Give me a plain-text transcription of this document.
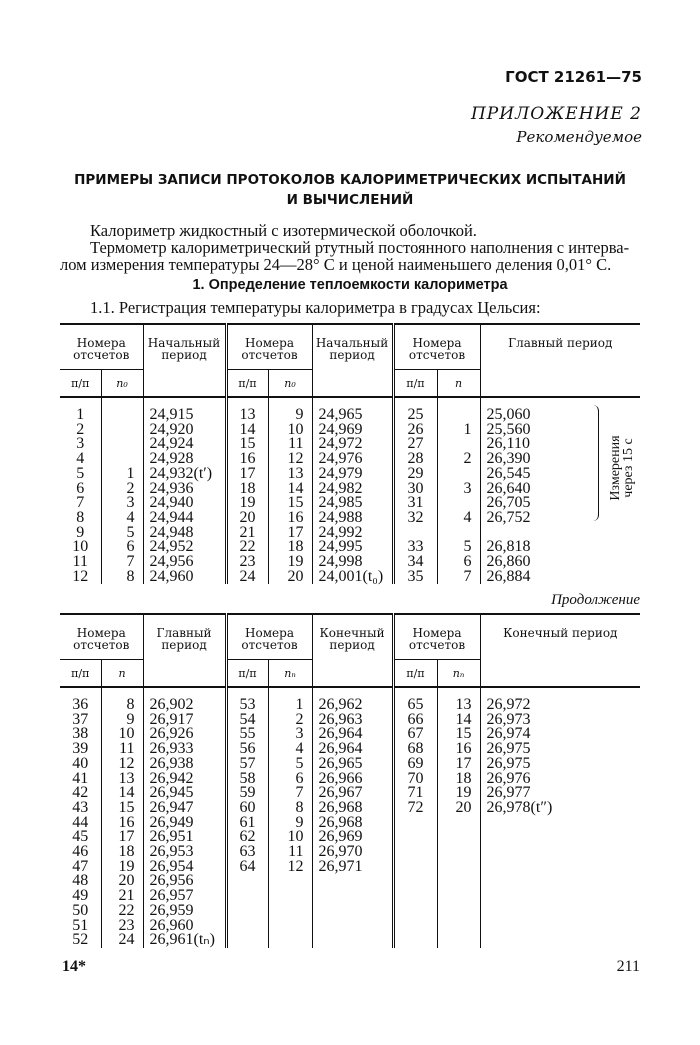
ГОСТ 21261—75
ПРИЛОЖЕНИЕ 2
Рекомендуемое
ПРИМЕРЫ ЗАПИСИ ПРОТОКОЛОВ КАЛОРИМЕТРИЧЕСКИХ ИСПЫТАНИЙ
И ВЫЧИСЛЕНИЙ
Калориметр жидкостный с изотермической оболочкой.
Термометр калориметрический ртутный постоянного наполнения с интерва-
лом измерения температуры 24—28° С и ценой наименьшего деления 0,01° С.
1. Определение теплоемкости калориметра
1.1. Регистрация температуры калориметра в градусах Цельсия:
Номера отсчетов		Начальный период	Номера отсчетов		Начальный период	Номера отсчетов		Главный период
п/п	n₀		п/п	n₀		п/п	n	

1		24,915	13	9	24,965	25		25,060
2		24,920	14	10	24,969	26	1	25,560
3		24,924	15	11	24,972	27		26,110
4		24,928	16	12	24,976	28	2	26,390
5	1	24,932(t′)	17	13	24,979	29		26,545
6	2	24,936	18	14	24,982	30	3	26,640
7	3	24,940	19	15	24,985	31		26,705
8	4	24,944	20	16	24,988	32	4	26,752
9	5	24,948	21	17	24,992			
10	6	24,952	22	18	24,995	33	5	26,818
11	7	24,956	23	19	24,998	34	6	26,860
12	8	24,960	24	20	24,001(t₀)	35	7	26,884
Измерения через 15 с
Продолжение
Номера отсчетов		Главный период	Номера отсчетов		Конечный период	Номера отсчетов		Конечный период
п/п	n		п/п	nₙ		п/п	nₙ	

36	8	26,902	53	1	26,962	65	13	26,972
37	9	26,917	54	2	26,963	66	14	26,973
38	10	26,926	55	3	26,964	67	15	26,974
39	11	26,933	56	4	26,964	68	16	26,975
40	12	26,938	57	5	26,965	69	17	26,975
41	13	26,942	58	6	26,966	70	18	26,976
42	14	26,945	59	7	26,967	71	19	26,977
43	15	26,947	60	8	26,968	72	20	26,978(t″)
44	16	26,949	61	9	26,968			
45	17	26,951	62	10	26,969			
46	18	26,953	63	11	26,970			
47	19	26,954	64	12	26,971			
48	20	26,956						
49	21	26,957						
50	22	26,959						
51	23	26,960						
52	24	26,961(tₙ)						
14*	211
